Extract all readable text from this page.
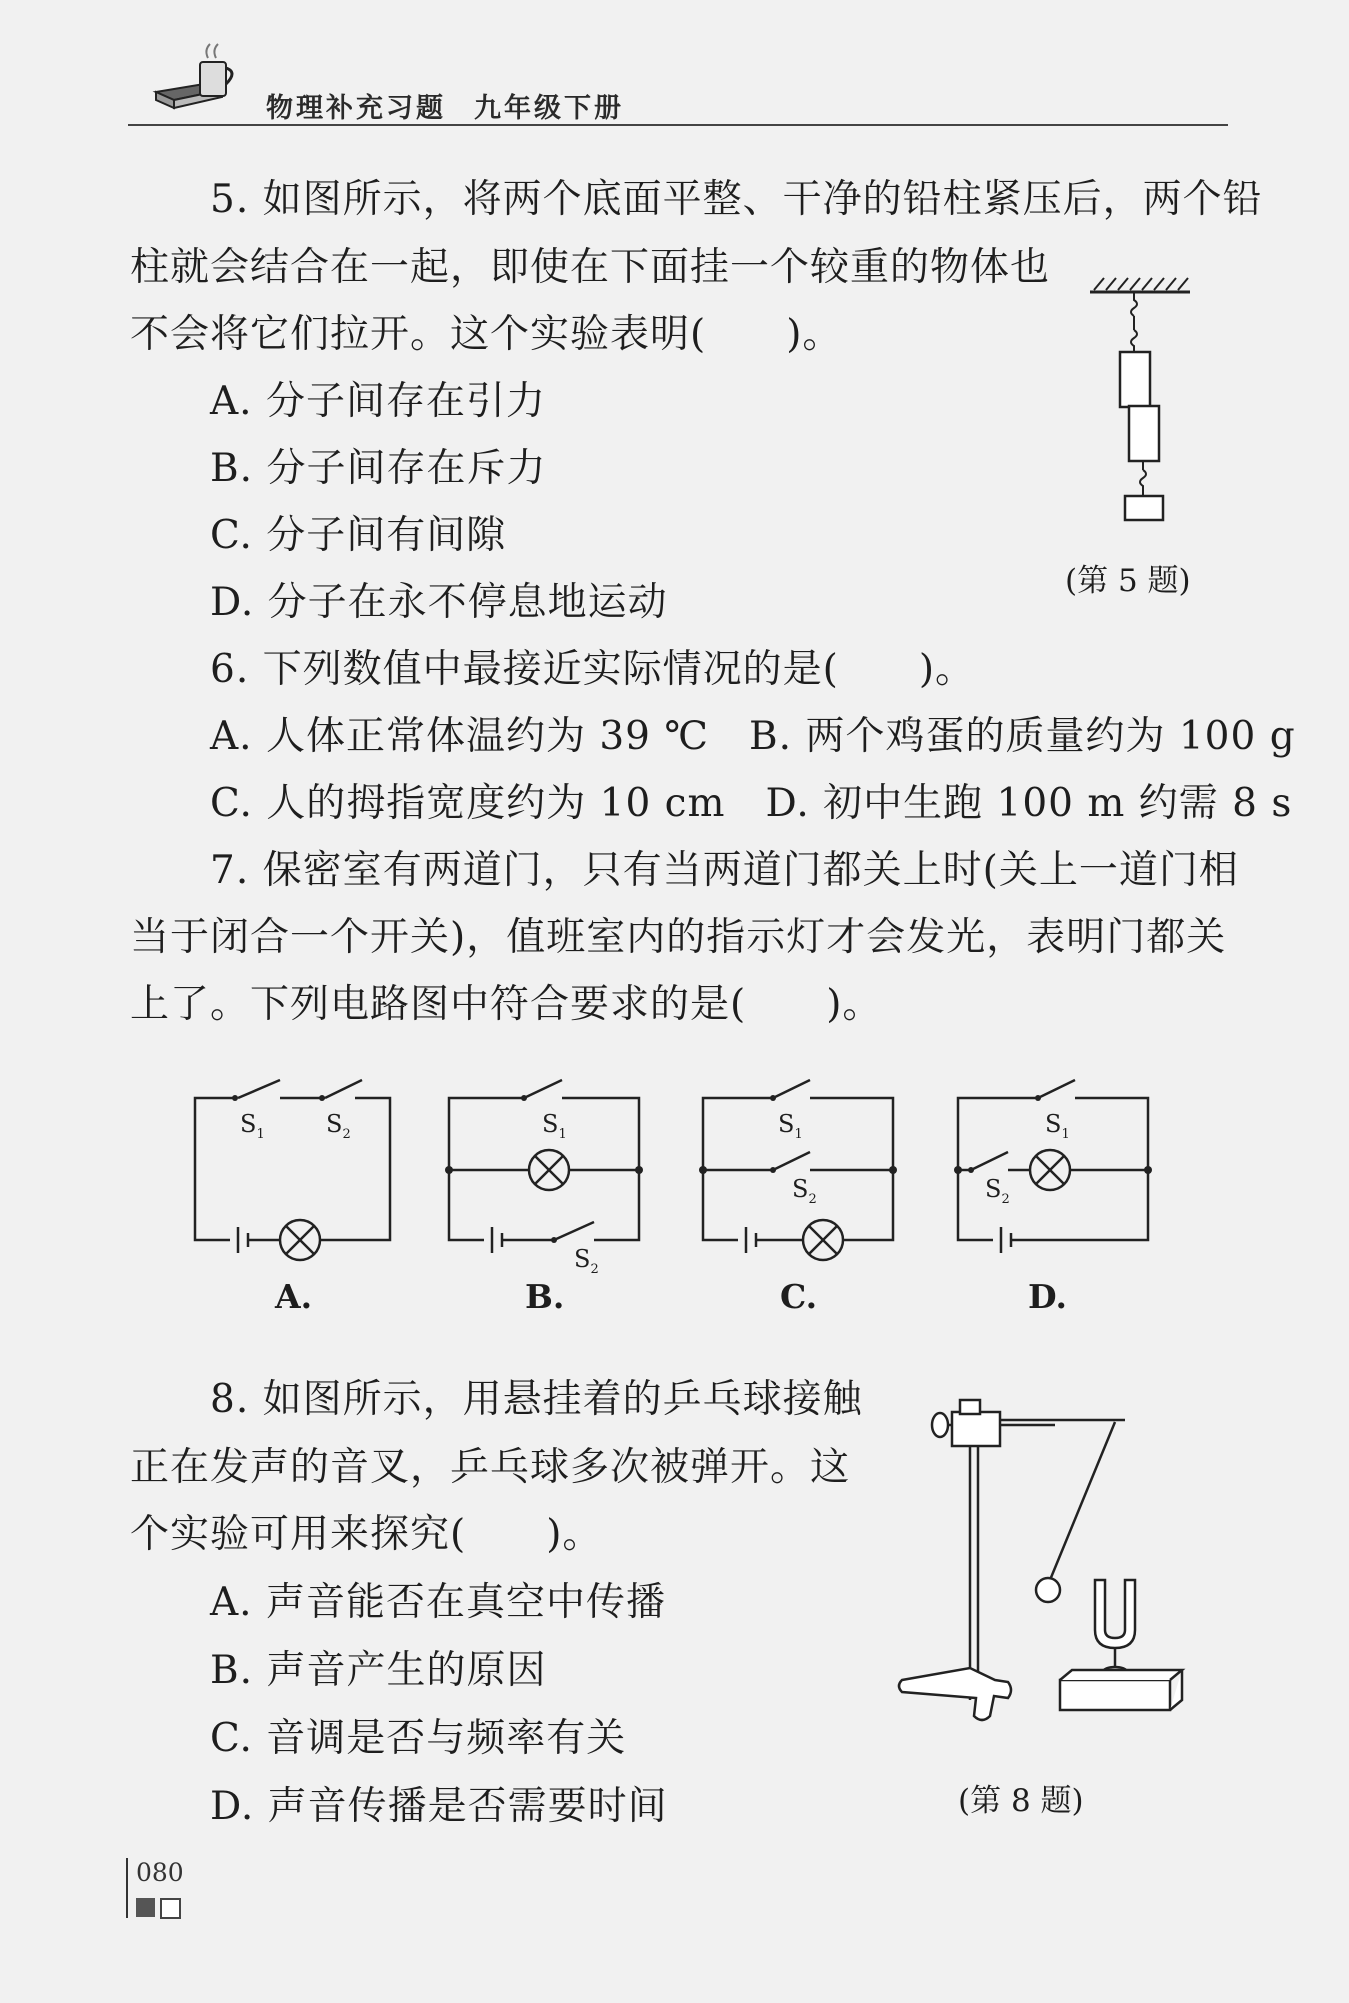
物理补充习题 九年级下册
5. 如图所示，将两个底面平整、干净的铅柱紧压后，两个铅
柱就会结合在一起，即使在下面挂一个较重的物体也
不会将它们拉开。这个实验表明(　　)。
A. 分子间存在引力
B. 分子间存在斥力
C. 分子间有间隙
D. 分子在永不停息地运动	(第 5 题)
6. 下列数值中最接近实际情况的是(　　)。
A. 人体正常体温约为 39 ℃　B. 两个鸡蛋的质量约为 100 g
C. 人的拇指宽度约为 10 cm　D. 初中生跑 100 m 约需 8 s
7. 保密室有两道门，只有当两道门都关上时(关上一道门相
当于闭合一个开关)，值班室内的指示灯才会发光，表明门都关
上了。下列电路图中符合要求的是(　　)。
$S_1$	$S_2$
A.
$S_1$
$S_2$
B.
$S_1$
$S_2$
C.
$S_1$
$S_2$
D.
8. 如图所示，用悬挂着的乒乓球接触
正在发声的音叉，乒乓球多次被弹开。这
个实验可用来探究(　　)。
A. 声音能否在真空中传播
B. 声音产生的原因
C. 音调是否与频率有关
D. 声音传播是否需要时间	(第 8 题)
080
